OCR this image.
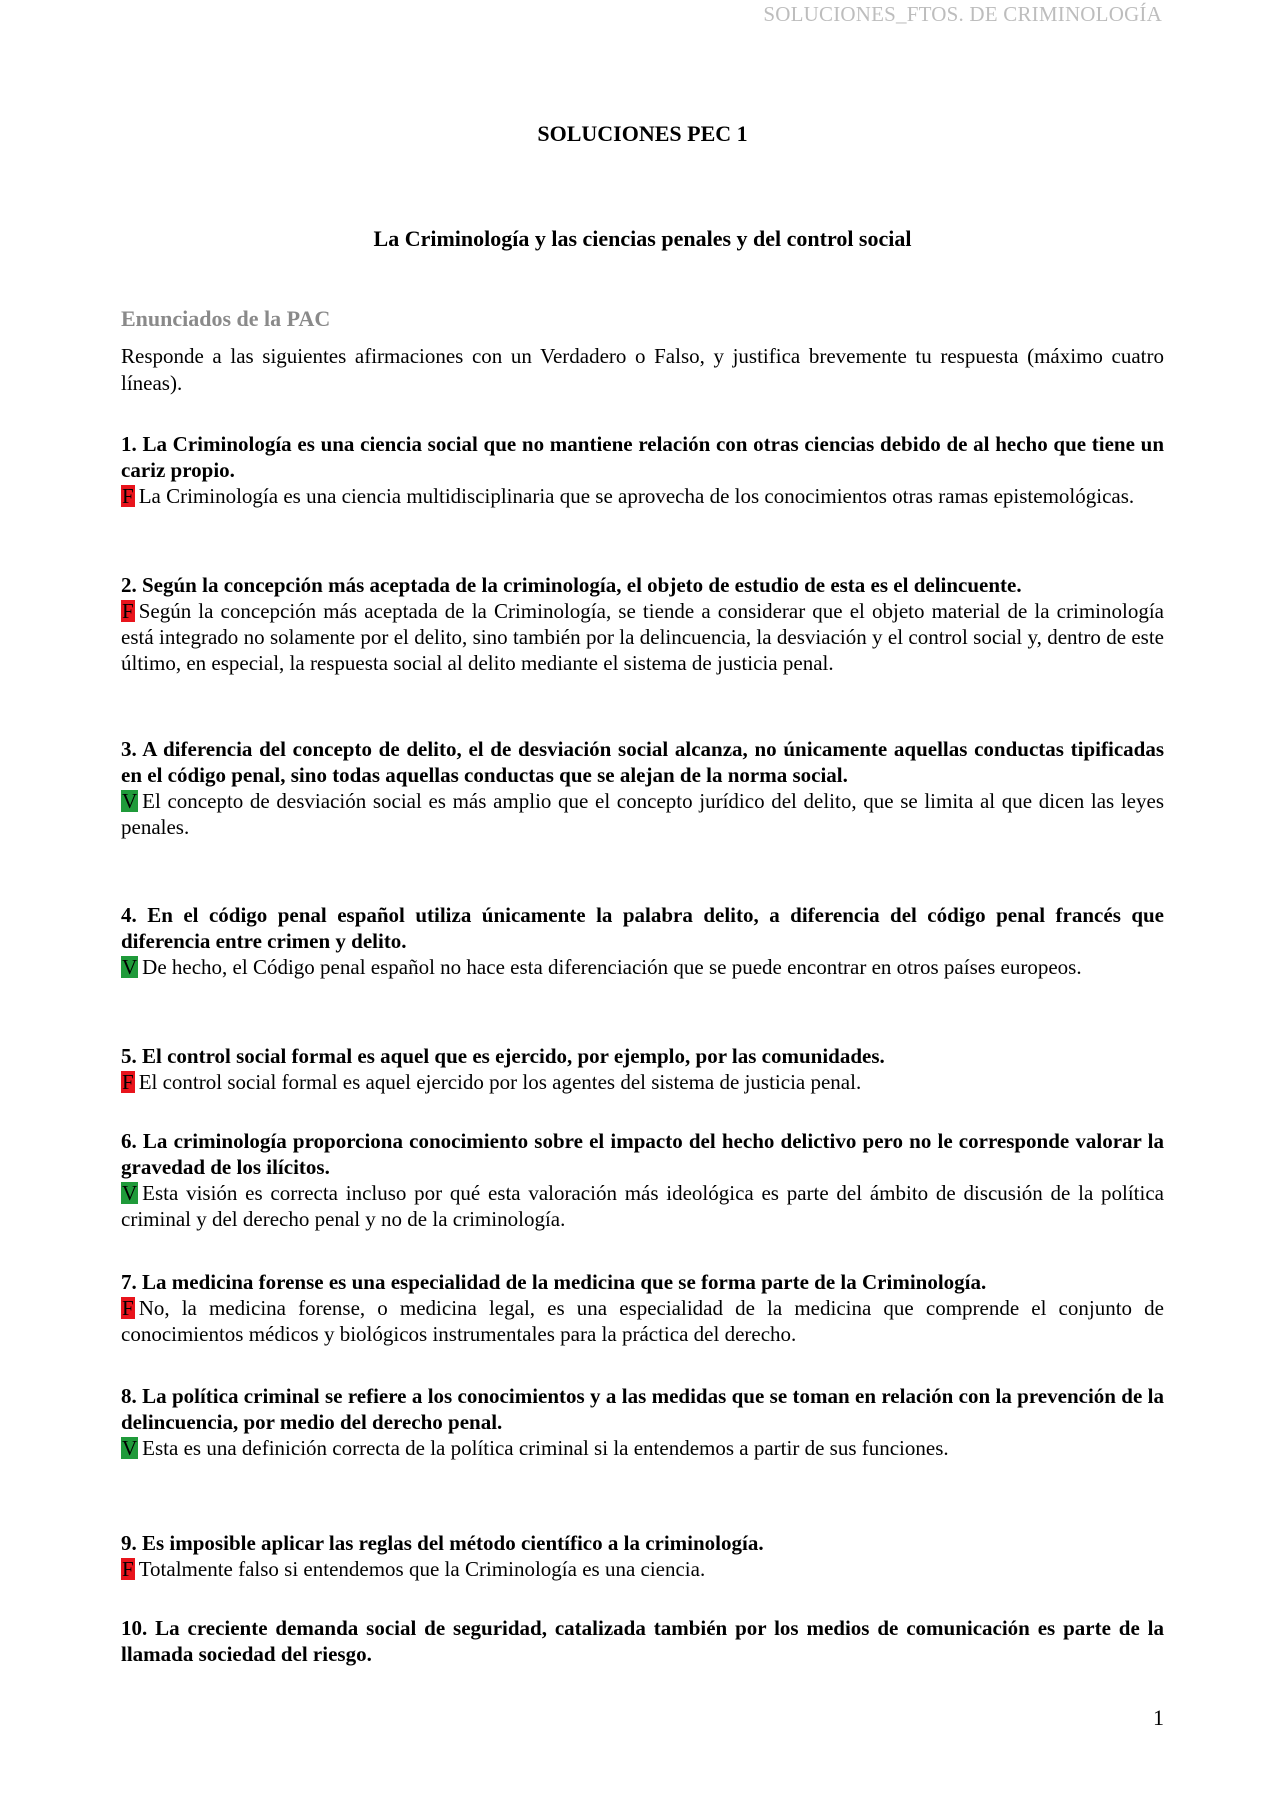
SOLUCIONES_FTOS. DE CRIMINOLOGÍA
SOLUCIONES PEC 1
La Criminología y las ciencias penales y del control social
Enunciados de la PAC
Responde a las siguientes afirmaciones con un Verdadero o Falso, y justifica brevemente tu respuesta (máximo cuatro líneas).
1. La Criminología es una ciencia social que no mantiene relación con otras ciencias debido de al hecho que tiene un cariz propio.
F La Criminología es una ciencia multidisciplinaria que se aprovecha de los conocimientos otras ramas epistemológicas.
2. Según la concepción más aceptada de la criminología, el objeto de estudio de esta es el delincuente.
F Según la concepción más aceptada de la Criminología, se tiende a considerar que el objeto material de la criminología está integrado no solamente por el delito, sino también por la delincuencia, la desviación y el control social y, dentro de este último, en especial, la respuesta social al delito mediante el sistema de justicia penal.
3. A diferencia del concepto de delito, el de desviación social alcanza, no únicamente aquellas conductas tipificadas en el código penal, sino todas aquellas conductas que se alejan de la norma social.
V El concepto de desviación social es más amplio que el concepto jurídico del delito, que se limita al que dicen las leyes penales.
4. En el código penal español utiliza únicamente la palabra delito, a diferencia del código penal francés que diferencia entre crimen y delito.
V De hecho, el Código penal español no hace esta diferenciación que se puede encontrar en otros países europeos.
5. El control social formal es aquel que es ejercido, por ejemplo, por las comunidades.
F El control social formal es aquel ejercido por los agentes del sistema de justicia penal.
6. La criminología proporciona conocimiento sobre el impacto del hecho delictivo pero no le corresponde valorar la gravedad de los ilícitos.
V Esta visión es correcta incluso por qué esta valoración más ideológica es parte del ámbito de discusión de la política criminal y del derecho penal y no de la criminología.
7. La medicina forense es una especialidad de la medicina que se forma parte de la Criminología.
F No, la medicina forense, o medicina legal, es una especialidad de la medicina que comprende el conjunto de conocimientos médicos y biológicos instrumentales para la práctica del derecho.
8. La política criminal se refiere a los conocimientos y a las medidas que se toman en relación con la prevención de la delincuencia, por medio del derecho penal.
V Esta es una definición correcta de la política criminal si la entendemos a partir de sus funciones.
9. Es imposible aplicar las reglas del método científico a la criminología.
F Totalmente falso si entendemos que la Criminología es una ciencia.
10. La creciente demanda social de seguridad, catalizada también por los medios de comunicación es parte de la llamada sociedad del riesgo.
1
